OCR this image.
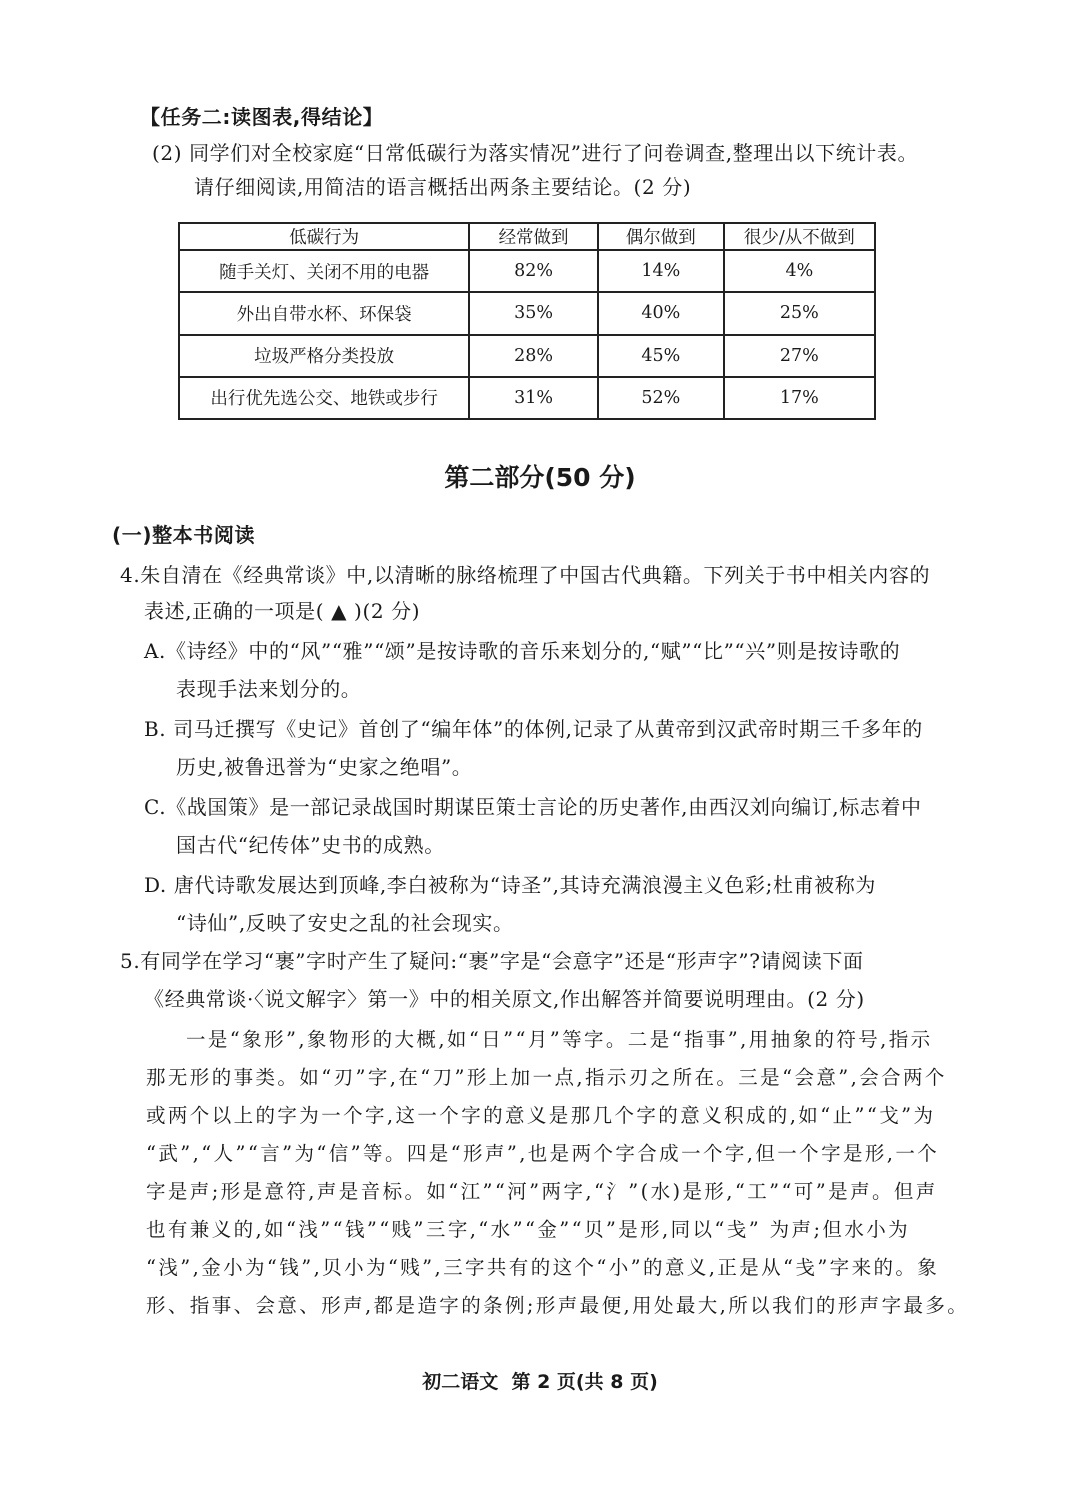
【任务二:读图表,得结论】
(2) 同学们对全校家庭“日常低碳行为落实情况”进行了问卷调查,整理出以下统计表。
请仔细阅读,用简洁的语言概括出两条主要结论。(2 分)
低碳行为	经常做到	偶尔做到	很少/从不做到
随手关灯、关闭不用的电器	82%	14%	4%
外出自带水杯、环保袋	35%	40%	25%
垃圾严格分类投放	28%	45%	27%
出行优先选公交、地铁或步行	31%	52%	17%
第二部分(50 分)
(一)整本书阅读
4.朱自清在《经典常谈》中,以清晰的脉络梳理了中国古代典籍。下列关于书中相关内容的
表述,正确的一项是( ▲ )(2 分)
A.《诗经》中的“风”“雅”“颂”是按诗歌的音乐来划分的,“赋”“比”“兴”则是按诗歌的
表现手法来划分的。
B. 司马迁撰写《史记》首创了“编年体”的体例,记录了从黄帝到汉武帝时期三千多年的
历史,被鲁迅誉为“史家之绝唱”。
C.《战国策》是一部记录战国时期谋臣策士言论的历史著作,由西汉刘向编订,标志着中
国古代“纪传体”史书的成熟。
D. 唐代诗歌发展达到顶峰,李白被称为“诗圣”,其诗充满浪漫主义色彩;杜甫被称为
“诗仙”,反映了安史之乱的社会现实。
5.有同学在学习“裹”字时产生了疑问:“裹”字是“会意字”还是“形声字”?请阅读下面
《经典常谈·〈说文解字〉第一》中的相关原文,作出解答并简要说明理由。(2 分)
一是“象形”,象物形的大概,如“日”“月”等字。二是“指事”,用抽象的符号,指示
那无形的事类。如“刃”字,在“刀”形上加一点,指示刃之所在。三是“会意”,会合两个
或两个以上的字为一个字,这一个字的意义是那几个字的意义积成的,如“止”“戈”为
“武”,“人”“言”为“信”等。四是“形声”,也是两个字合成一个字,但一个字是形,一个
字是声;形是意符,声是音标。如“江”“河”两字,“氵”(水)是形,“工”“可”是声。但声
也有兼义的,如“浅”“钱”“贱”三字,“水”“金”“贝”是形,同以“戋” 为声;但水小为
“浅”,金小为“钱”,贝小为“贱”,三字共有的这个“小”的意义,正是从“戋”字来的。象
形、指事、会意、形声,都是造字的条例;形声最便,用处最大,所以我们的形声字最多。
初二语文  第 2 页(共 8 页)
